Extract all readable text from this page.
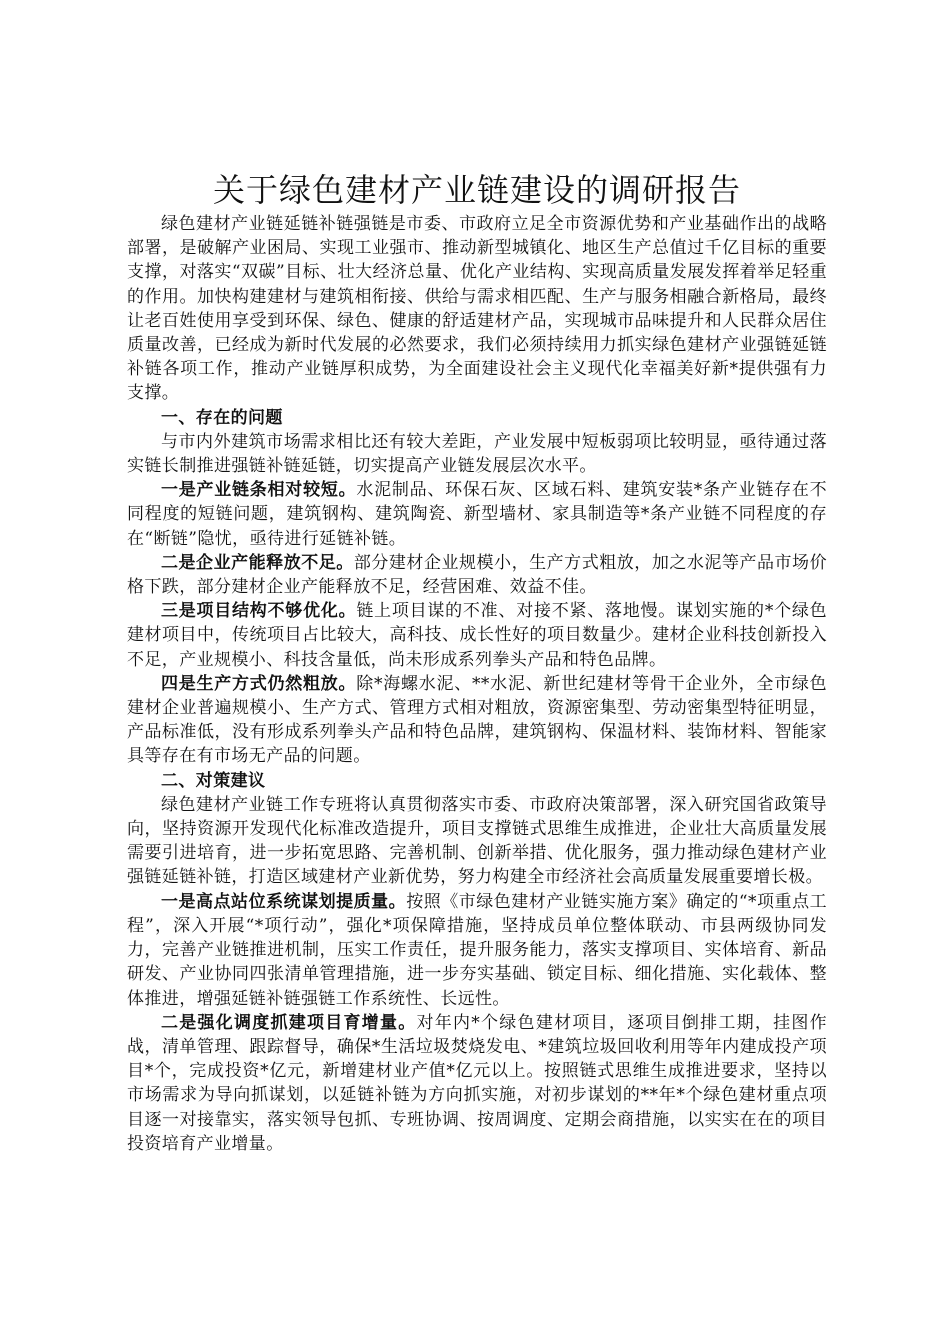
关于绿色建材产业链建设的调研报告

绿色建材产业链延链补链强链是市委、市政府立足全市资源优势和产业基础作出的战略部署，是破解产业困局、实现工业强市、推动新型城镇化、地区生产总值过千亿目标的重要支撑，对落实“双碳”目标、壮大经济总量、优化产业结构、实现高质量发展发挥着举足轻重的作用。加快构建建材与建筑相衔接、供给与需求相匹配、生产与服务相融合新格局，最终让老百姓使用享受到环保、绿色、健康的舒适建材产品，实现城市品味提升和人民群众居住质量改善，已经成为新时代发展的必然要求，我们必须持续用力抓实绿色建材产业强链延链补链各项工作，推动产业链厚积成势，为全面建设社会主义现代化幸福美好新*提供强有力支撑。

一、存在的问题

与市内外建筑市场需求相比还有较大差距，产业发展中短板弱项比较明显，亟待通过落实链长制推进强链补链延链，切实提高产业链发展层次水平。

一是产业链条相对较短。水泥制品、环保石灰、区域石料、建筑安装*条产业链存在不同程度的短链问题，建筑钢构、建筑陶瓷、新型墙材、家具制造等*条产业链不同程度的存在“断链”隐忧，亟待进行延链补链。

二是企业产能释放不足。部分建材企业规模小，生产方式粗放，加之水泥等产品市场价格下跌，部分建材企业产能释放不足，经营困难、效益不佳。

三是项目结构不够优化。链上项目谋的不准、对接不紧、落地慢。谋划实施的*个绿色建材项目中，传统项目占比较大，高科技、成长性好的项目数量少。建材企业科技创新投入不足，产业规模小、科技含量低，尚未形成系列拳头产品和特色品牌。

四是生产方式仍然粗放。除*海螺水泥、**水泥、新世纪建材等骨干企业外，全市绿色建材企业普遍规模小、生产方式、管理方式相对粗放，资源密集型、劳动密集型特征明显，产品标准低，没有形成系列拳头产品和特色品牌，建筑钢构、保温材料、装饰材料、智能家具等存在有市场无产品的问题。

二、对策建议

绿色建材产业链工作专班将认真贯彻落实市委、市政府决策部署，深入研究国省政策导向，坚持资源开发现代化标准改造提升，项目支撑链式思维生成推进，企业壮大高质量发展需要引进培育，进一步拓宽思路、完善机制、创新举措、优化服务，强力推动绿色建材产业强链延链补链，打造区域建材产业新优势，努力构建全市经济社会高质量发展重要增长极。

一是高点站位系统谋划提质量。按照《市绿色建材产业链实施方案》确定的“*项重点工程”，深入开展“*项行动”，强化*项保障措施，坚持成员单位整体联动、市县两级协同发力，完善产业链推进机制，压实工作责任，提升服务能力，落实支撑项目、实体培育、新品研发、产业协同四张清单管理措施，进一步夯实基础、锁定目标、细化措施、实化载体、整体推进，增强延链补链强链工作系统性、长远性。

二是强化调度抓建项目育增量。对年内*个绿色建材项目，逐项目倒排工期，挂图作战，清单管理、跟踪督导，确保*生活垃圾焚烧发电、*建筑垃圾回收利用等年内建成投产项目*个，完成投资*亿元，新增建材业产值*亿元以上。按照链式思维生成推进要求，坚持以市场需求为导向抓谋划，以延链补链为方向抓实施，对初步谋划的**年*个绿色建材重点项目逐一对接靠实，落实领导包抓、专班协调、按周调度、定期会商措施，以实实在在的项目投资培育产业增量。
